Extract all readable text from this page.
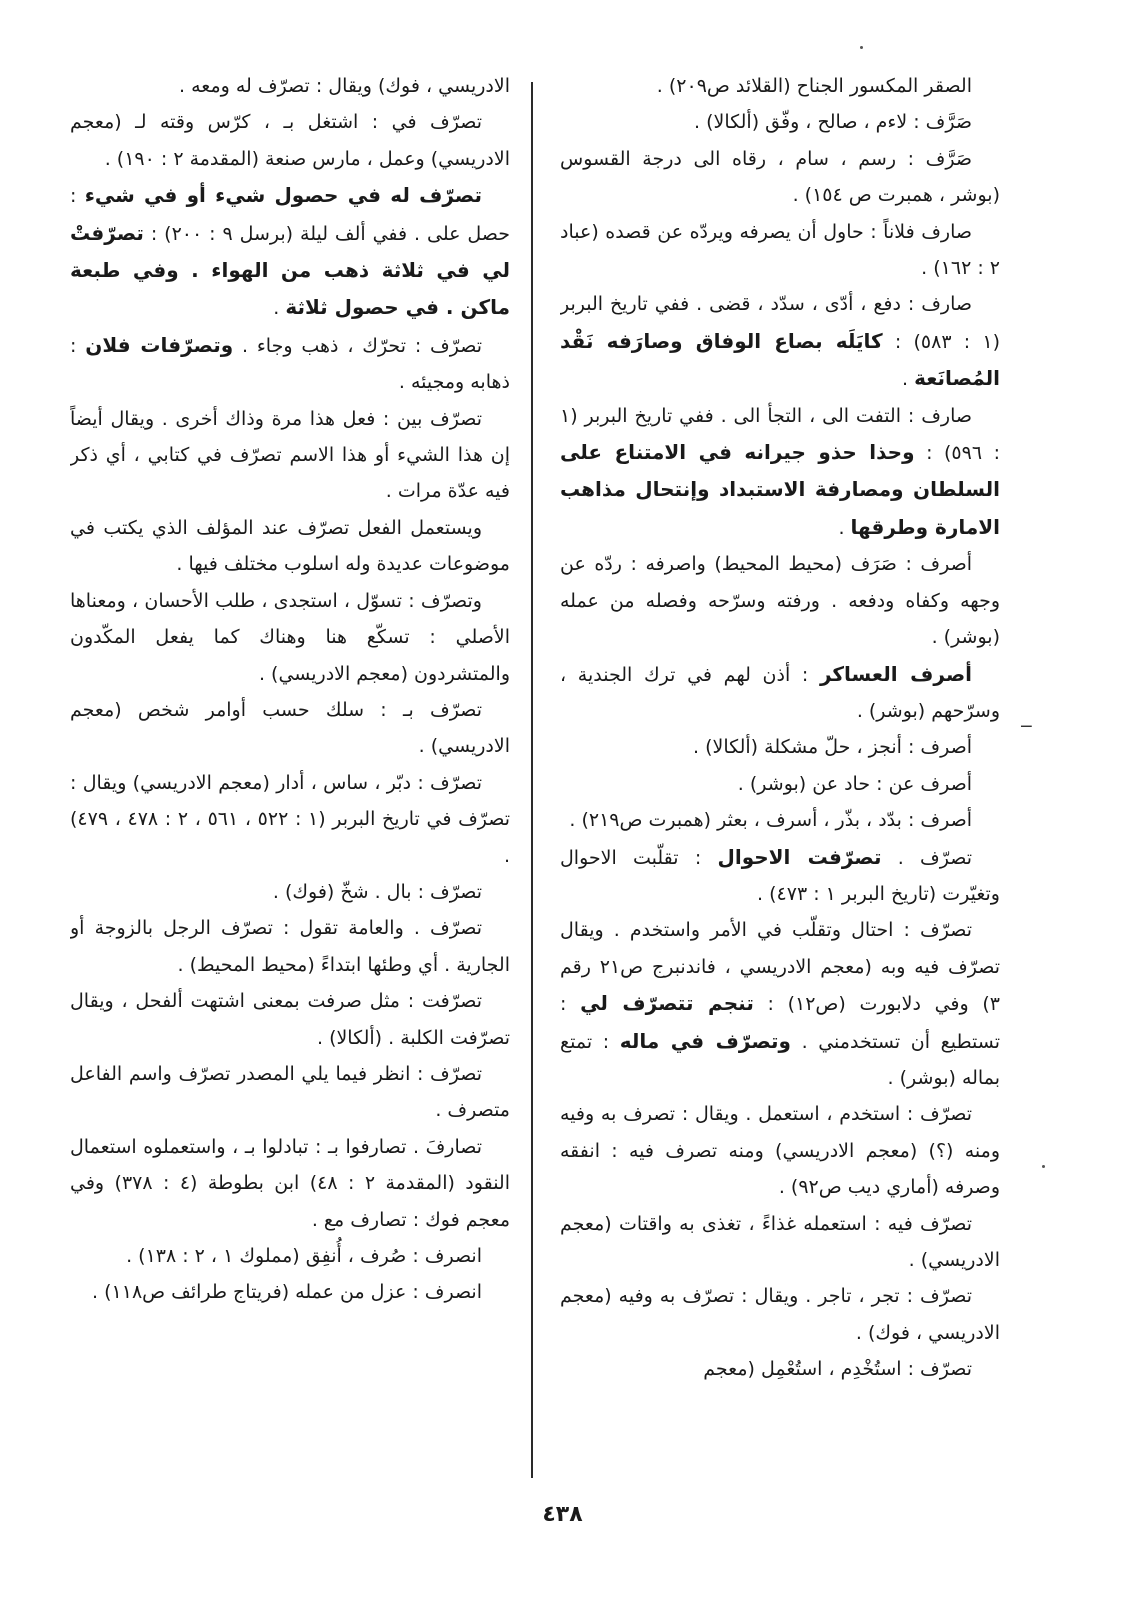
الصقر المكسور الجناح (القلائد ص٢٠٩) .

صَرَّف : لاءم ، صالح ، وفّق (ألكالا) .

صَرَّف : رسم ، سام ، رقاه الى درجة القسوس (بوشر ، همبرت ص ١٥٤) .

صارف فلاناً : حاول أن يصرفه ويردّه عن قصده (عباد ٢ : ١٦٢) .

صارف : دفع ، أدّى ، سدّد ، قضى . ففي تاريخ البربر (١ : ٥٨٣) : كايَلَه بصاع الوفاق وصارَفه نَقْد المُصانَعة .

صارف : التفت الى ، التجأ الى . ففي تاريخ البربر (١ : ٥٩٦) : وحذا حذو جيرانه في الامتناع على السلطان ومصارفة الاستبداد وإنتحال مذاهب الامارة وطرقها .

أصرف : صَرَف (محيط المحيط) واصرفه : ردّه عن وجهه وكفاه ودفعه . ورفته وسرّحه وفصله من عمله (بوشر) .

أصرف العساكر : أذن لهم في ترك الجندية ، وسرّحهم (بوشر) .

أصرف : أنجز ، حلّ مشكلة (ألكالا) .

أصرف عن : حاد عن (بوشر) .

أصرف : بدّد ، بذّر ، أسرف ، بعثر (همبرت ص٢١٩) .

تصرّف . تصرّفت الاحوال : تقلّبت الاحوال وتغيّرت (تاريخ البربر ١ : ٤٧٣) .

تصرّف : احتال وتقلّب في الأمر واستخدم . ويقال تصرّف فيه وبه (معجم الادريسي ، فاندنبرج ص٢١ رقم ٣) وفي دلابورت (ص١٢) : تنجم تتصرّف لي : تستطيع أن تستخدمني . وتصرّف في ماله : تمتع بماله (بوشر) .

تصرّف : استخدم ، استعمل . ويقال : تصرف به وفيه ومنه (؟) (معجم الادريسي) ومنه تصرف فيه : انفقه وصرفه (أماري ديب ص٩٢) .

تصرّف فيه : استعمله غذاءً ، تغذى به واقتات (معجم الادريسي) .

تصرّف : تجر ، تاجر . ويقال : تصرّف به وفيه (معجم الادريسي ، فوك) .

تصرّف : استُخْدِم ، استُعْمِل (معجم

الادريسي ، فوك) ويقال : تصرّف له ومعه .

تصرّف في : اشتغل بـ ، كرّس وقته لـ (معجم الادريسي) وعمل ، مارس صنعة (المقدمة ٢ : ١٩٠) .

تصرّف له في حصول شيء أو في شيء : حصل على . ففي ألف ليلة (برسل ٩ : ٢٠٠) : تصرّفتْ لي في ثلاثة ذهب من الهواء . وفي طبعة ماكن . في حصول ثلاثة .

تصرّف : تحرّك ، ذهب وجاء . وتصرّفات فلان : ذهابه ومجيئه .

تصرّف بين : فعل هذا مرة وذاك أخرى . ويقال أيضاً إن هذا الشيء أو هذا الاسم تصرّف في كتابي ، أي ذكر فيه عدّة مرات .

ويستعمل الفعل تصرّف عند المؤلف الذي يكتب في موضوعات عديدة وله اسلوب مختلف فيها .

وتصرّف : تسوّل ، استجدى ، طلب الأحسان ، ومعناها الأصلي : تسكّع هنا وهناك كما يفعل المكّدون والمتشردون (معجم الادريسي) .

تصرّف بـ : سلك حسب أوامر شخص (معجم الادريسي) .

تصرّف : دبّر ، ساس ، أدار (معجم الادريسي) ويقال : تصرّف في تاريخ البربر (١ : ٥٢٢ ، ٥٦١ ، ٢ : ٤٧٨ ، ٤٧٩) .

تصرّف : بال . شخّ (فوك) .

تصرّف . والعامة تقول : تصرّف الرجل بالزوجة أو الجارية . أي وطئها ابتداءً (محيط المحيط) .

تصرّفت : مثل صرفت بمعنى اشتهت ألفحل ، ويقال تصرّفت الكلبة . (ألكالا) .

تصرّف : انظر فيما يلي المصدر تصرّف واسم الفاعل متصرف .

تصارفَ . تصارفوا بـ : تبادلوا بـ ، واستعملوه استعمال النقود (المقدمة ٢ : ٤٨) ابن بطوطة (٤ : ٣٧٨) وفي معجم فوك : تصارف مع .

انصرف : صُرف ، أُنفِق (مملوك ١ ، ٢ : ١٣٨) .

انصرف : عزل من عمله (فريتاج طرائف ص١١٨) .

‒
٤٣٨
